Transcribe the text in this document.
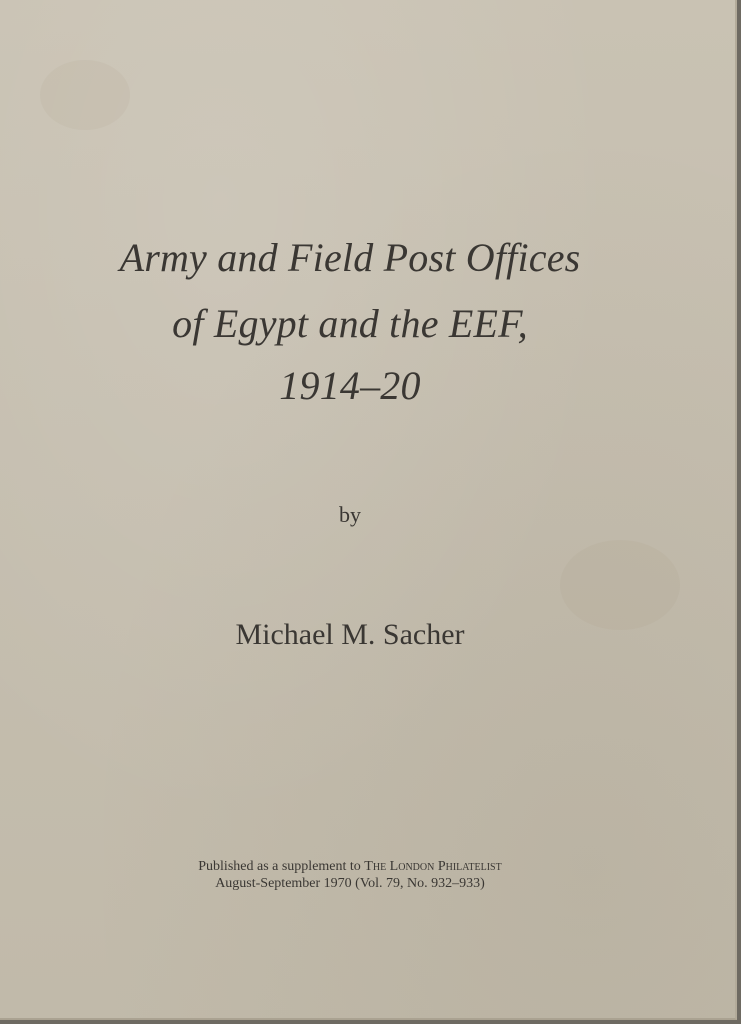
Army and Field Post Offices
of Egypt and the EEF,
1914–20
by
Michael M. Sacher
Published as a supplement to The London Philatelist
August-September 1970 (Vol. 79, No. 932–933)
